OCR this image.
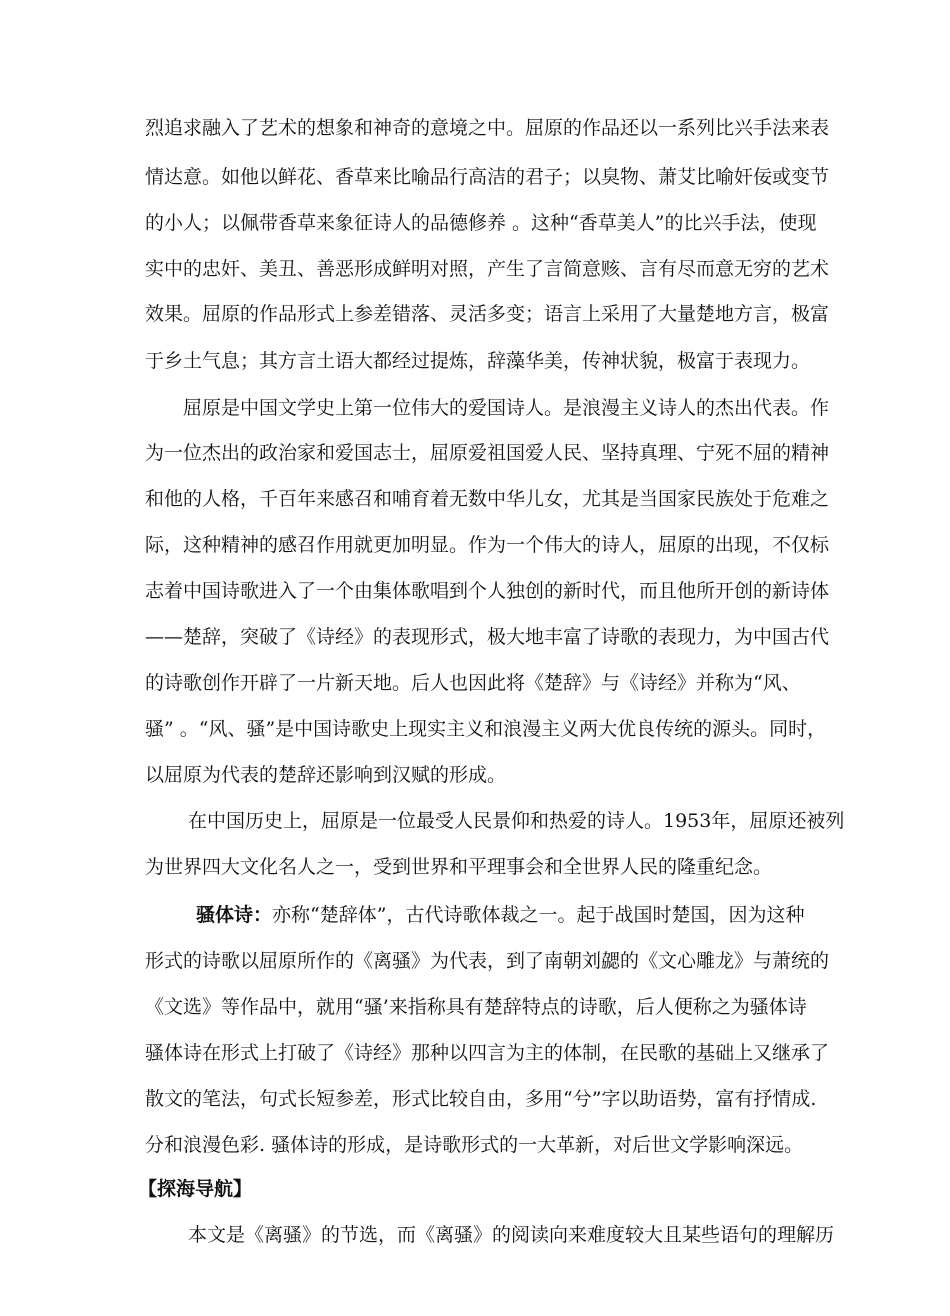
烈追求融入了艺术的想象和神奇的意境之中。屈原的作品还以一系列比兴手法来表
情达意。如他以鲜花、香草来比喻品行高洁的君子；以臭物、萧艾比喻奸佞或变节
的小人；以佩带香草来象征诗人的品德修养 。这种“香草美人”的比兴手法，使现
实中的忠奸、美丑、善恶形成鲜明对照，产生了言简意赅、言有尽而意无穷的艺术
效果。屈原的作品形式上参差错落、灵活多变；语言上采用了大量楚地方言，极富
于乡土气息；其方言土语大都经过提炼，辞藻华美，传神状貌，极富于表现力。
屈原是中国文学史上第一位伟大的爱国诗人。是浪漫主义诗人的杰出代表。作
为一位杰出的政治家和爱国志士，屈原爱祖国爱人民、坚持真理、宁死不屈的精神
和他的人格，千百年来感召和哺育着无数中华儿女，尤其是当国家民族处于危难之
际，这种精神的感召作用就更加明显。作为一个伟大的诗人，屈原的出现，不仅标
志着中国诗歌进入了一个由集体歌唱到个人独创的新时代，而且他所开创的新诗体
——楚辞，突破了《诗经》的表现形式，极大地丰富了诗歌的表现力，为中国古代
的诗歌创作开辟了一片新天地。后人也因此将《楚辞》与《诗经》并称为“风、
骚” 。“风、骚”是中国诗歌史上现实主义和浪漫主义两大优良传统的源头。同时，
以屈原为代表的楚辞还影响到汉赋的形成。
在中国历史上，屈原是一位最受人民景仰和热爱的诗人。1953年，屈原还被列
为世界四大文化名人之一，受到世界和平理事会和全世界人民的隆重纪念。
骚体诗：亦称“楚辞体”，古代诗歌体裁之一。起于战国时楚国，因为这种
形式的诗歌以屈原所作的《离骚》为代表，到了南朝刘勰的《文心雕龙》与萧统的
《文选》等作品中，就用“骚’来指称具有楚辞特点的诗歌，后人便称之为骚体诗
骚体诗在形式上打破了《诗经》那种以四言为主的体制，在民歌的基础上又继承了
散文的笔法，句式长短参差，形式比较自由，多用“兮”字以助语势，富有抒情成.
分和浪漫色彩. 骚体诗的形成，是诗歌形式的一大革新，对后世文学影响深远。
【探海导航】
本文是《离骚》的节选，而《离骚》的阅读向来难度较大且某些语句的理解历
